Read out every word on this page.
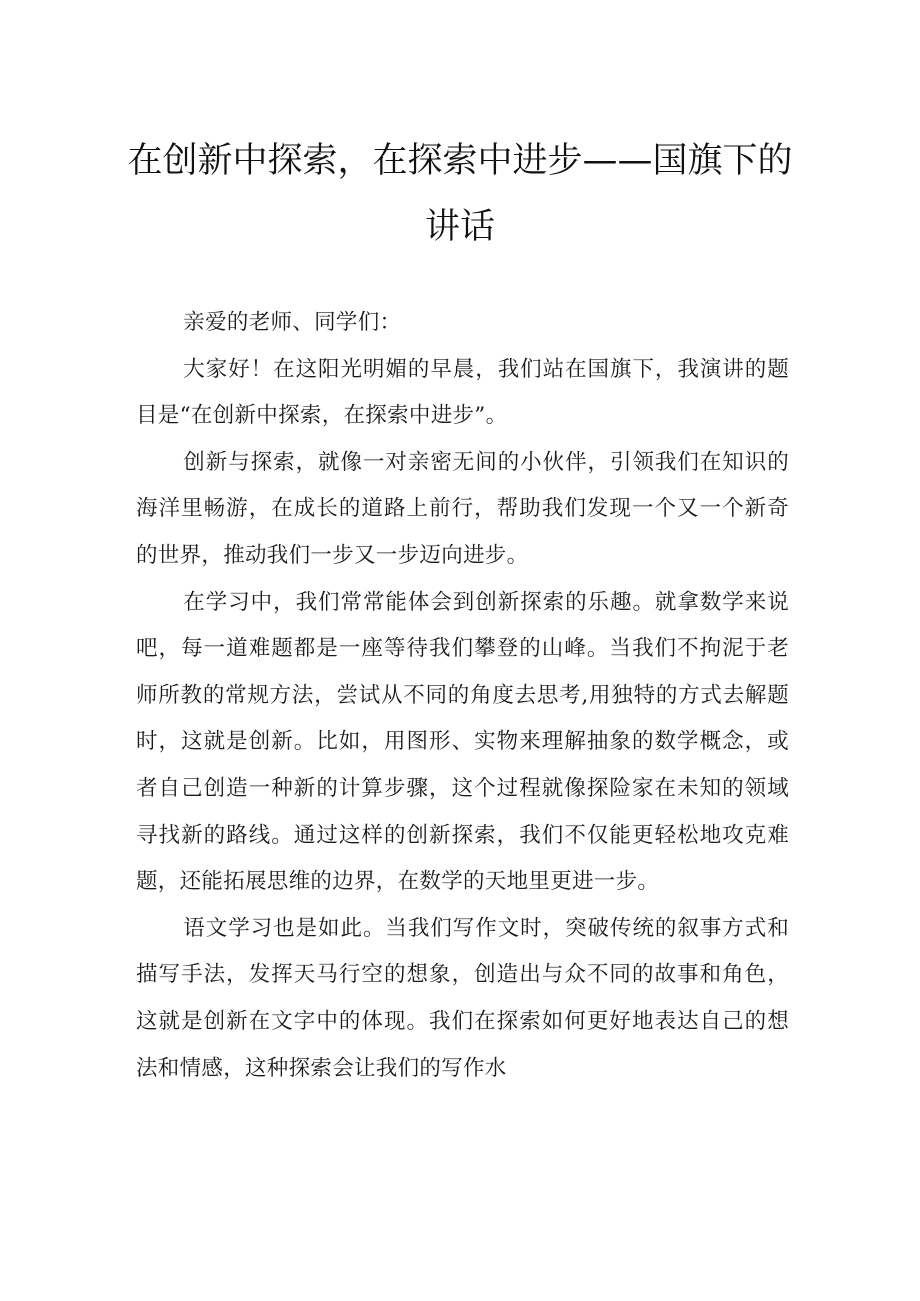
在创新中探索，在探索中进步——国旗下的讲话

亲爱的老师、同学们：

大家好！在这阳光明媚的早晨，我们站在国旗下，我演讲的题目是“在创新中探索，在探索中进步”。

创新与探索，就像一对亲密无间的小伙伴，引领我们在知识的海洋里畅游，在成长的道路上前行，帮助我们发现一个又一个新奇的世界，推动我们一步又一步迈向进步。

在学习中，我们常常能体会到创新探索的乐趣。就拿数学来说吧，每一道难题都是一座等待我们攀登的山峰。当我们不拘泥于老师所教的常规方法，尝试从不同的角度去思考,用独特的方式去解题时，这就是创新。比如，用图形、实物来理解抽象的数学概念，或者自己创造一种新的计算步骤，这个过程就像探险家在未知的领域寻找新的路线。通过这样的创新探索，我们不仅能更轻松地攻克难题，还能拓展思维的边界，在数学的天地里更进一步。

语文学习也是如此。当我们写作文时，突破传统的叙事方式和描写手法，发挥天马行空的想象，创造出与众不同的故事和角色，这就是创新在文字中的体现。我们在探索如何更好地表达自己的想法和情感，这种探索会让我们的写作水
